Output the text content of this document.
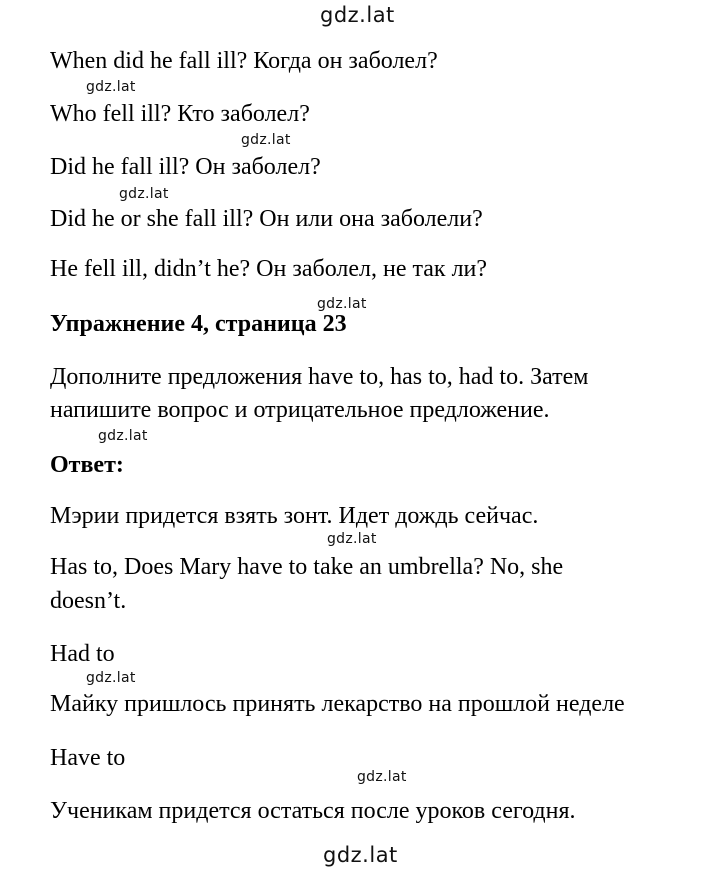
gdz.lat
When did he fall ill? Когда он заболел?
gdz.lat
Who fell ill? Кто заболел?
gdz.lat
Did he fall ill? Он заболел?
gdz.lat
Did he or she fall ill? Он или она заболели?
He fell ill, didn’t he? Он заболел, не так ли?
gdz.lat
Упражнение 4, страница 23
Дополните предложения have to, has to, had to. Затем
напишите вопрос и отрицательное предложение.
gdz.lat
Ответ:
Мэрии придется взять зонт. Идет дождь сейчас.
gdz.lat
Has to, Does Mary have to take an umbrella? No, she
doesn’t.
Had to
gdz.lat
Майку пришлось принять лекарство на прошлой неделе
Have to
gdz.lat
Ученикам придется остаться после уроков сегодня.
gdz.lat
